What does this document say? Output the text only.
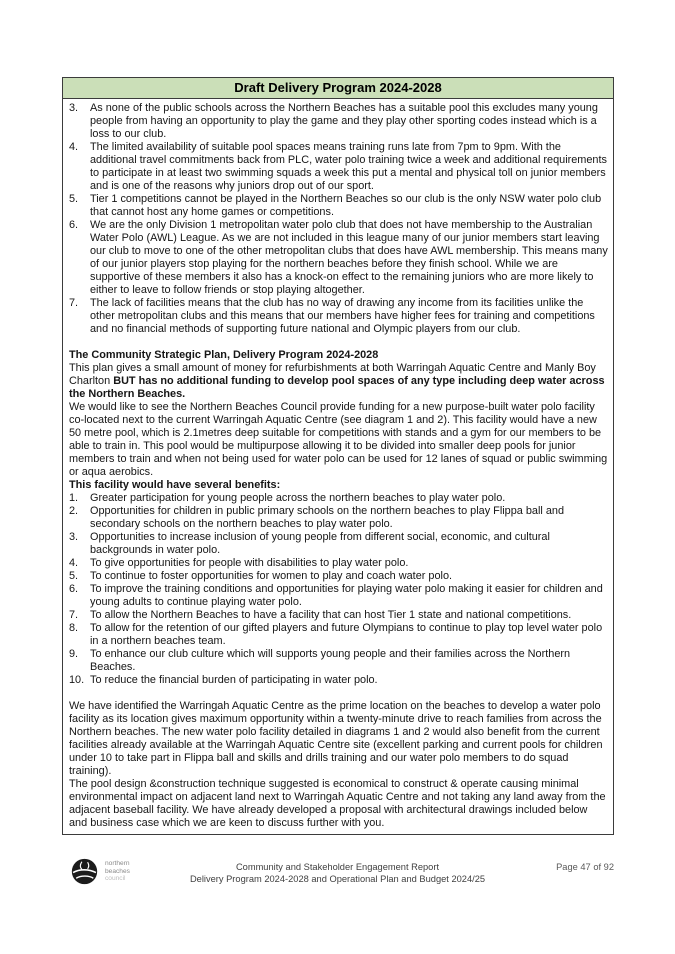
Draft Delivery Program 2024-2028
3.	As none of the public schools across the Northern Beaches has a suitable pool this excludes many young people from having an opportunity to play the game and they play other sporting codes instead which is a loss to our club.
4.	The limited availability of suitable pool spaces means training runs late from 7pm to 9pm. With the additional travel commitments back from PLC, water polo training twice a week and additional requirements to participate in at least two swimming squads a week this put a mental and physical toll on junior members and is one of the reasons why juniors drop out of our sport.
5.	Tier 1 competitions cannot be played in the Northern Beaches so our club is the only NSW water polo club that cannot host any home games or competitions.
6.	We are the only Division 1 metropolitan water polo club that does not have membership to the Australian Water Polo (AWL) League. As we are not included in this league many of our junior members start leaving our club to move to one of the other metropolitan clubs that does have AWL membership. This means many of our junior players stop playing for the northern beaches before they finish school. While we are supportive of these members it also has a knock-on effect to the remaining juniors who are more likely to either to leave to follow friends or stop playing altogether.
7.	The lack of facilities means that the club has no way of drawing any income from its facilities unlike the other metropolitan clubs and this means that our members have higher fees for training and competitions and no financial methods of supporting future national and Olympic players from our club.
The Community Strategic Plan, Delivery Program 2024-2028
This plan gives a small amount of money for refurbishments at both Warringah Aquatic Centre and Manly Boy Charlton BUT has no additional funding to develop pool spaces of any type including deep water across the Northern Beaches.
We would like to see the Northern Beaches Council provide funding for a new purpose-built water polo facility co-located next to the current Warringah Aquatic Centre (see diagram 1 and 2). This facility would have a new 50 metre pool, which is 2.1metres deep suitable for competitions with stands and a gym for our members to be able to train in. This pool would be multipurpose allowing it to be divided into smaller deep pools for junior members to train and when not being used for water polo can be used for 12 lanes of squad or public swimming or aqua aerobics.
This facility would have several benefits:
1.	Greater participation for young people across the northern beaches to play water polo.
2.	Opportunities for children in public primary schools on the northern beaches to play Flippa ball and secondary schools on the northern beaches to play water polo.
3.	Opportunities to increase inclusion of young people from different social, economic, and cultural backgrounds in water polo.
4.	To give opportunities for people with disabilities to play water polo.
5.	To continue to foster opportunities for women to play and coach water polo.
6.	To improve the training conditions and opportunities for playing water polo making it easier for children and young adults to continue playing water polo.
7.	To allow the Northern Beaches to have a facility that can host Tier 1 state and national competitions.
8.	To allow for the retention of our gifted players and future Olympians to continue to play top level water polo in a northern beaches team.
9.	To enhance our club culture which will supports young people and their families across the Northern Beaches.
10. To reduce the financial burden of participating in water polo.
We have identified the Warringah Aquatic Centre as the prime location on the beaches to develop a water polo facility as its location gives maximum opportunity within a twenty-minute drive to reach families from across the Northern beaches. The new water polo facility detailed in diagrams 1 and 2 would also benefit from the current facilities already available at the Warringah Aquatic Centre site (excellent parking and current pools for children under 10 to take part in Flippa ball and skills and drills training and our water polo members to do squad training).
The pool design &construction technique suggested is economical to construct & operate causing minimal environmental impact on adjacent land next to Warringah Aquatic Centre and not taking any land away from the adjacent baseball facility. We have already developed a proposal with architectural drawings included below and business case which we are keen to discuss further with you.
northern
beaches
council
Community and Stakeholder Engagement Report
Delivery Program 2024-2028 and Operational Plan and Budget 2024/25
Page 47 of 92
